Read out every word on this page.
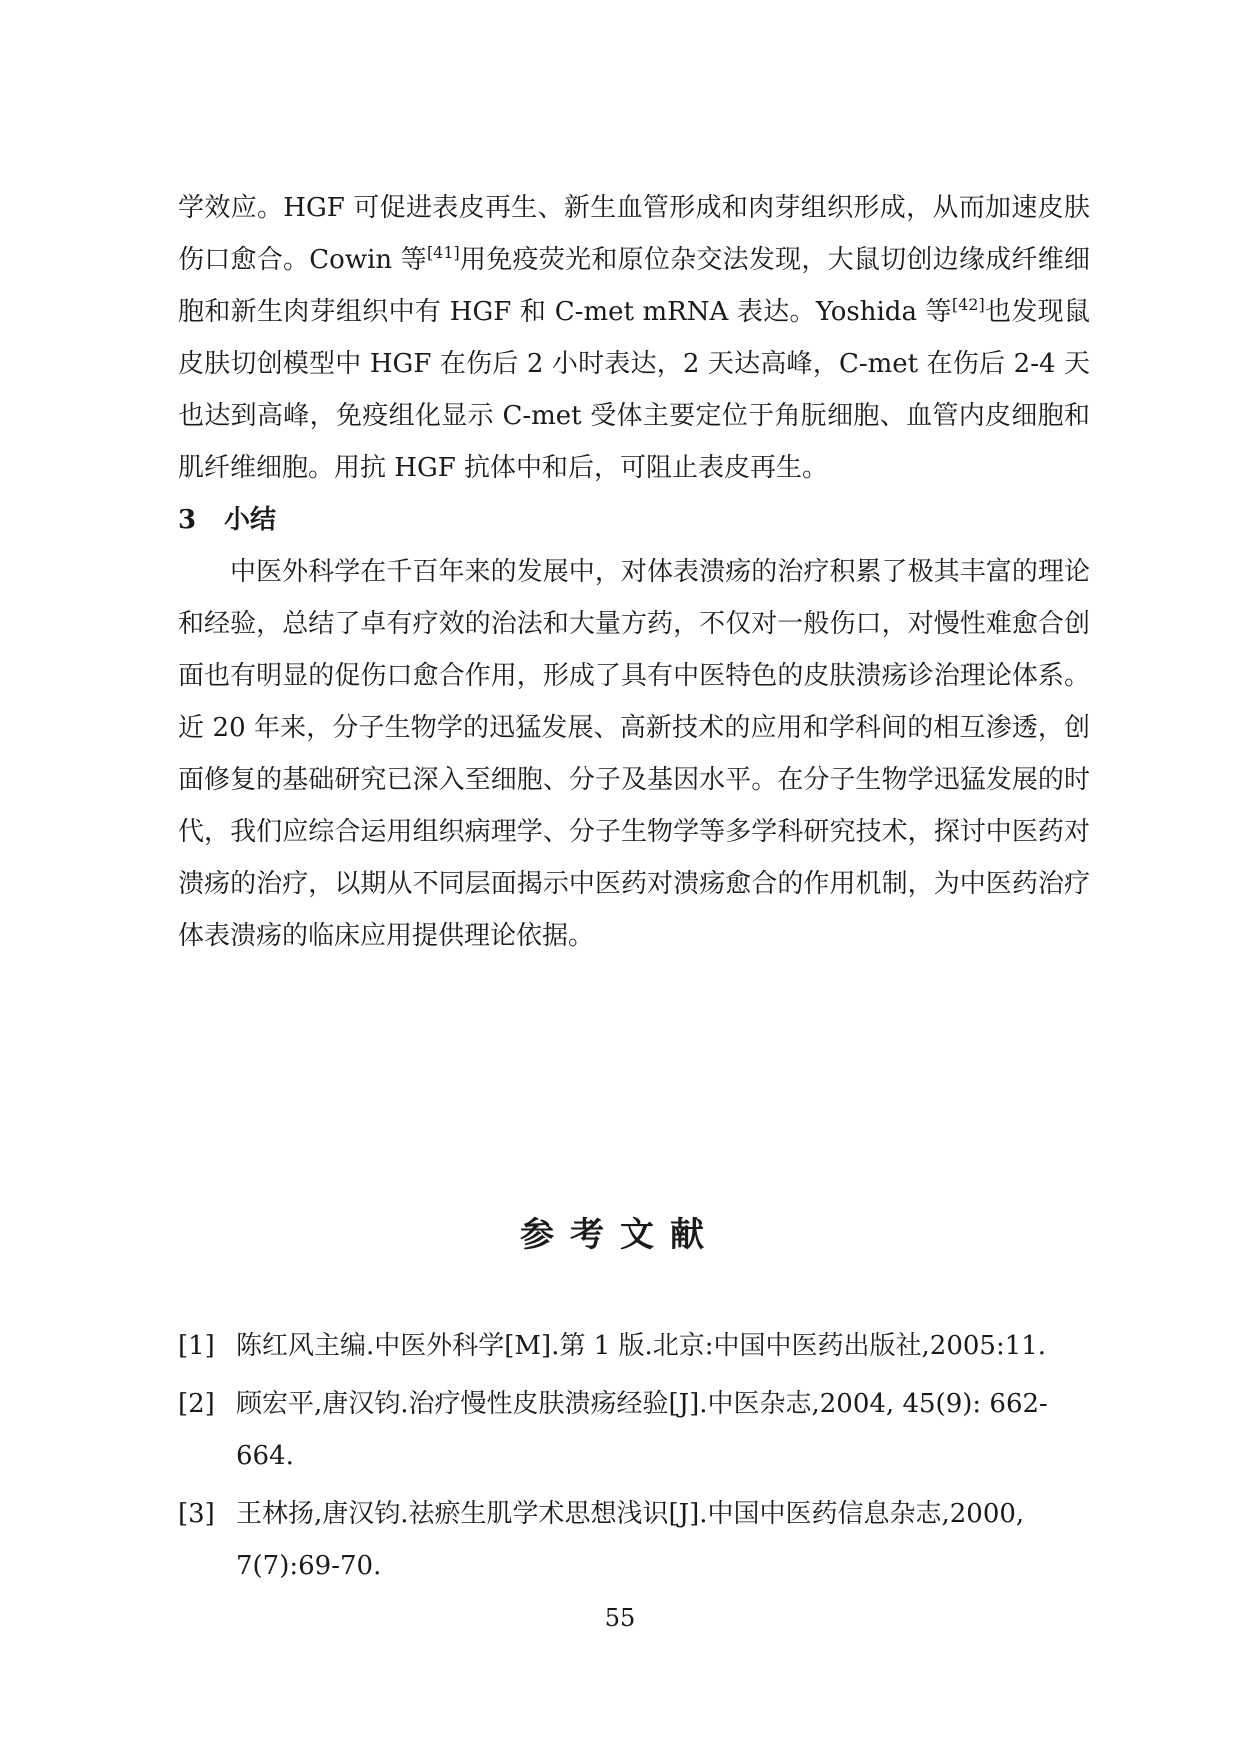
学效应。HGF 可促进表皮再生、新生血管形成和肉芽组织形成，从而加速皮肤伤口愈合。Cowin 等[41]用免疫荧光和原位杂交法发现，大鼠切创边缘成纤维细胞和新生肉芽组织中有 HGF 和 C-met mRNA 表达。Yoshida 等[42]也发现鼠皮肤切创模型中 HGF 在伤后 2 小时表达，2 天达高峰，C-met 在伤后 2-4 天也达到高峰，免疫组化显示 C-met 受体主要定位于角朊细胞、血管内皮细胞和肌纤维细胞。用抗 HGF 抗体中和后，可阻止表皮再生。

3 小结

中医外科学在千百年来的发展中，对体表溃疡的治疗积累了极其丰富的理论和经验，总结了卓有疗效的治法和大量方药，不仅对一般伤口，对慢性难愈合创面也有明显的促伤口愈合作用，形成了具有中医特色的皮肤溃疡诊治理论体系。近 20 年来，分子生物学的迅猛发展、高新技术的应用和学科间的相互渗透，创面修复的基础研究已深入至细胞、分子及基因水平。在分子生物学迅猛发展的时代，我们应综合运用组织病理学、分子生物学等多学科研究技术，探讨中医药对溃疡的治疗，以期从不同层面揭示中医药对溃疡愈合的作用机制，为中医药治疗体表溃疡的临床应用提供理论依据。

参考文献
[1] 陈红风主编.中医外科学[M].第 1 版.北京:中国中医药出版社,2005:11.
[2] 顾宏平,唐汉钧.治疗慢性皮肤溃疡经验[J].中医杂志,2004, 45(9): 662-664.
[3] 王林扬,唐汉钧.祛瘀生肌学术思想浅识[J].中国中医药信息杂志,2000, 7(7):69-70.
55
